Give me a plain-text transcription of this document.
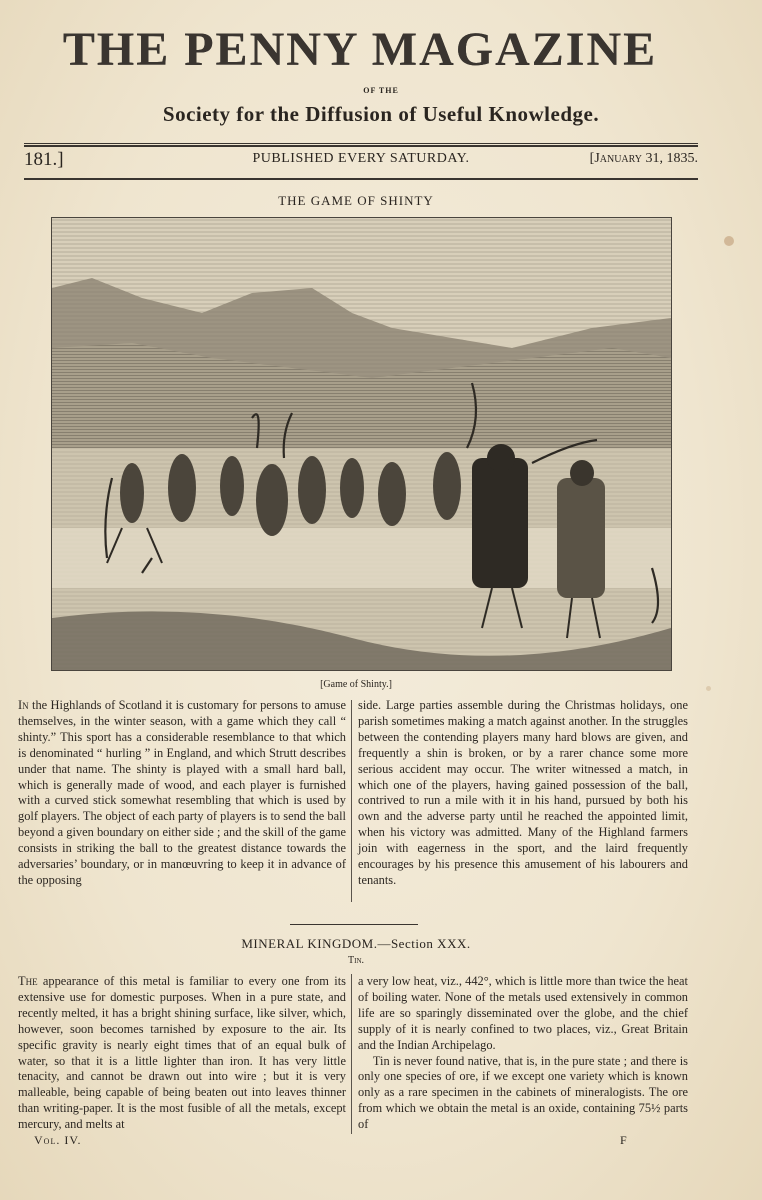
THE PENNY MAGAZINE
OF THE
Society for the Diffusion of Useful Knowledge.
181.]	PUBLISHED EVERY SATURDAY.	[January 31, 1835.
THE GAME OF SHINTY
[Game of Shinty.]

In the Highlands of Scotland it is customary for persons to amuse themselves, in the winter season, with a game which they call “ shinty.” This sport has a considerable resemblance to that which is denominated “ hurling ” in England, and which Strutt describes under that name. The shinty is played with a small hard ball, which is generally made of wood, and each player is furnished with a curved stick somewhat resembling that which is used by golf players. The object of each party of players is to send the ball beyond a given boundary on either side ; and the skill of the game consists in striking the ball to the greatest distance towards the adversaries’ boundary, or in manœuvring to keep it in advance of the opposing

side. Large parties assemble during the Christmas holidays, one parish sometimes making a match against another. In the struggles between the contending players many hard blows are given, and frequently a shin is broken, or by a rarer chance some more serious accident may occur. The writer witnessed a match, in which one of the players, having gained possession of the ball, contrived to run a mile with it in his hand, pursued by both his own and the adverse party until he reached the appointed limit, when his victory was admitted. Many of the Highland farmers join with eagerness in the sport, and the laird frequently encourages by his presence this amusement of his labourers and tenants.

MINERAL KINGDOM.—Section XXX.
Tin.

The appearance of this metal is familiar to every one from its extensive use for domestic purposes. When in a pure state, and recently melted, it has a bright shining surface, like silver, which, however, soon becomes tarnished by exposure to the air. Its specific gravity is nearly eight times that of an equal bulk of water, so that it is a little lighter than iron. It has very little tenacity, and cannot be drawn out into wire ; but it is very malleable, being capable of being beaten out into leaves thinner than writing-paper. It is the most fusible of all the metals, except mercury, and melts at

a very low heat, viz., 442°, which is little more than twice the heat of boiling water. None of the metals used extensively in common life are so sparingly disseminated over the globe, and the chief supply of it is nearly confined to two places, viz., Great Britain and the Indian Archipelago.

Tin is never found native, that is, in the pure state ; and there is only one species of ore, if we except one variety which is known only as a rare specimen in the cabinets of mineralogists. The ore from which we obtain the metal is an oxide, containing 75½ parts of

Vol. IV.	F
